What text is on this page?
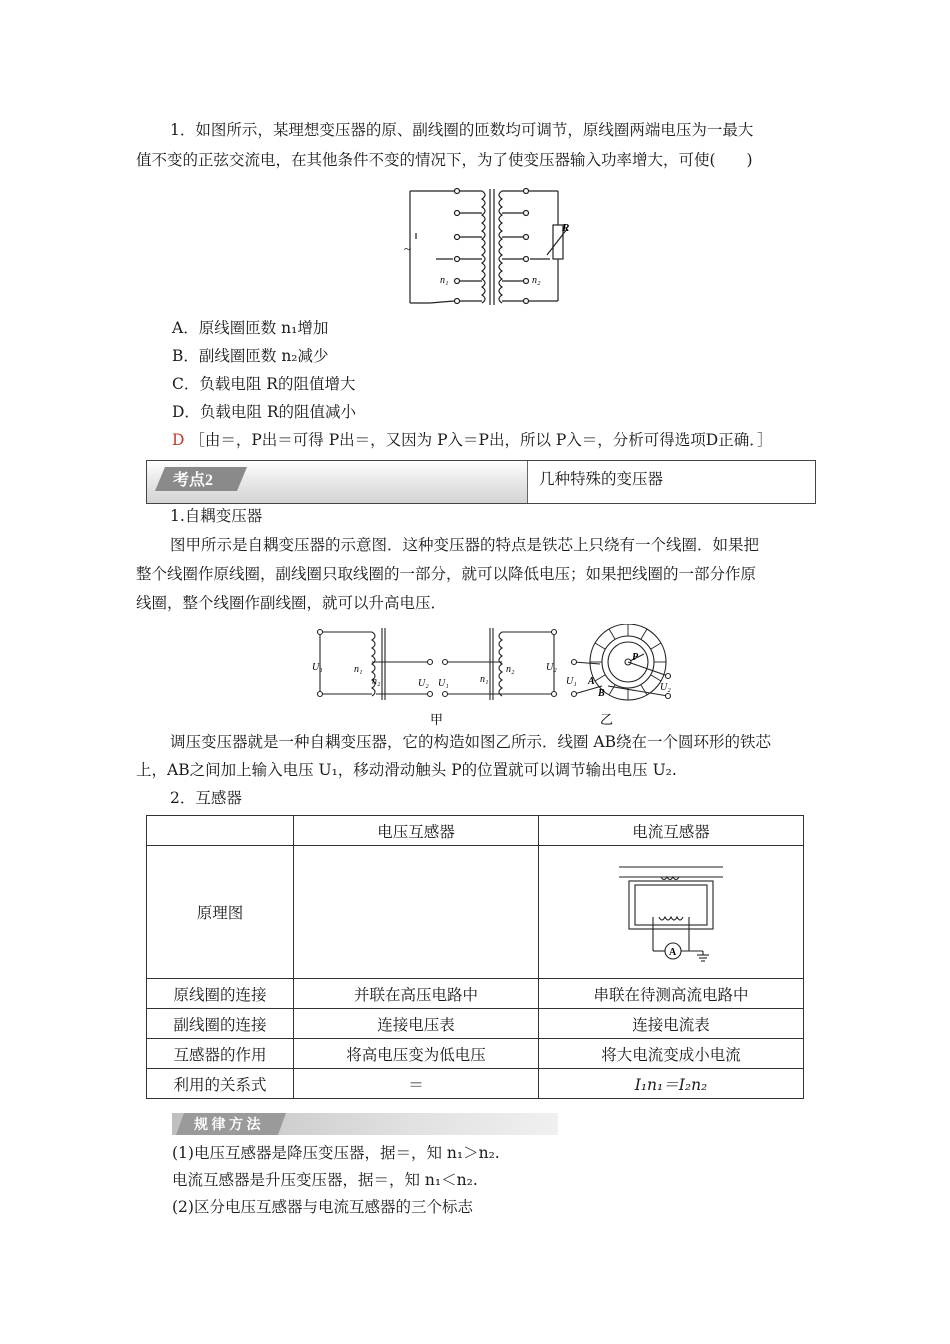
1．如图所示，某理想变压器的原、副线圈的匝数均可调节，原线圈两端电压为一最大
值不变的正弦交流电，在其他条件不变的情况下，为了使变压器输入功率增大，可使(　　)
~
n₁	n₂
R
A．原线圈匝数 n₁增加
B．副线圈匝数 n₂减少
C．负载电阻 R的阻值增大
D．负载电阻 R的阻值减小
D ［由＝，P出＝可得 P出＝，又因为 P入＝P出，所以 P入＝，分析可得选项D正确．］
考点2	几种特殊的变压器
1.自耦变压器
图甲所示是自耦变压器的示意图．这种变压器的特点是铁芯上只绕有一个线圈．如果把
整个线圈作原线圈，副线圈只取线圈的一部分，就可以降低电压；如果把线圈的一部分作原
线圈，整个线圈作副线圈，就可以升高电压．
U₁	n₁
n₂	U₂ U₁	n₁
n₂	U₂
U₁
U₂
A
B
P
甲	乙
调压变压器就是一种自耦变压器，它的构造如图乙所示．线圈 AB绕在一个圆环形的铁芯
上，AB之间加上输入电压 U₁，移动滑动触头 P的位置就可以调节输出电压 U₂.
2．互感器
	电压互感器	电流互感器
原理图		A

原线圈的连接	并联在高压电路中	串联在待测高流电路中
副线圈的连接	连接电压表	连接电流表
互感器的作用	将高电压变为低电压	将大电流变成小电流
利用的关系式	＝	I₁n₁＝I₂n₂
规 律 方 法
(1)电压互感器是降压变压器，据＝，知 n₁＞n₂.
电流互感器是升压变压器，据＝，知 n₁＜n₂.
(2)区分电压互感器与电流互感器的三个标志
